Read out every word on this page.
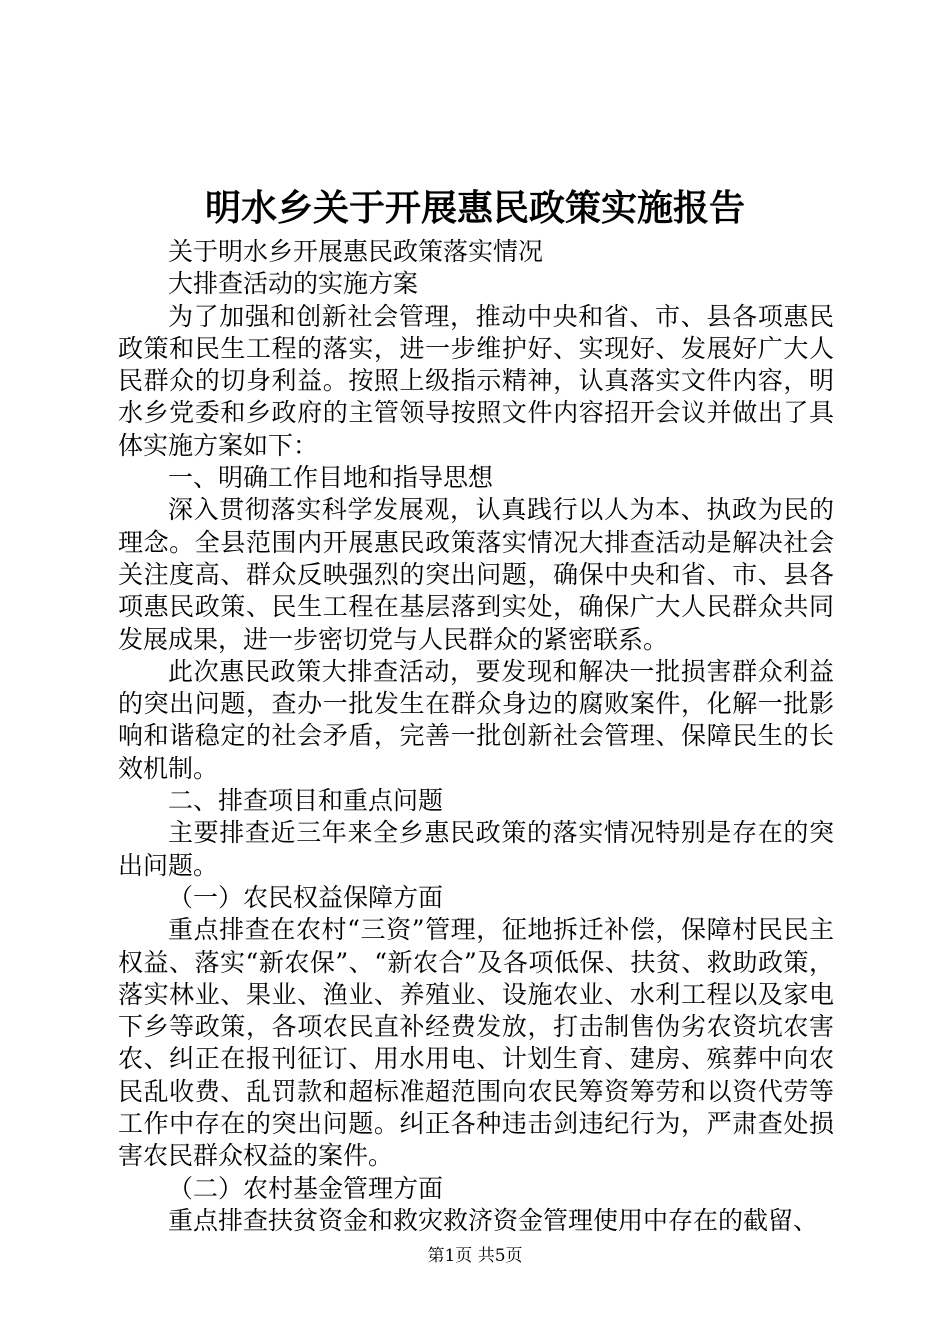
明水乡关于开展惠民政策实施报告

关于明水乡开展惠民政策落实情况

大排查活动的实施方案

为了加强和创新社会管理，推动中央和省、市、县各项惠民政策和民生工程的落实，进一步维护好、实现好、发展好广大人民群众的切身利益。按照上级指示精神，认真落实文件内容，明水乡党委和乡政府的主管领导按照文件内容招开会议并做出了具体实施方案如下：

一、明确工作目地和指导思想

深入贯彻落实科学发展观，认真践行以人为本、执政为民的理念。全县范围内开展惠民政策落实情况大排查活动是解决社会关注度高、群众反映强烈的突出问题，确保中央和省、市、县各项惠民政策、民生工程在基层落到实处，确保广大人民群众共同发展成果，进一步密切党与人民群众的紧密联系。

此次惠民政策大排查活动，要发现和解决一批损害群众利益的突出问题，查办一批发生在群众身边的腐败案件，化解一批影响和谐稳定的社会矛盾，完善一批创新社会管理、保障民生的长效机制。

二、排查项目和重点问题

主要排查近三年来全乡惠民政策的落实情况特别是存在的突出问题。

（一）农民权益保障方面

重点排查在农村“三资”管理，征地拆迁补偿，保障村民民主权益、落实“新农保”、“新农合”及各项低保、扶贫、救助政策，落实林业、果业、渔业、养殖业、设施农业、水利工程以及家电下乡等政策，各项农民直补经费发放，打击制售伪劣农资坑农害农、纠正在报刊征订、用水用电、计划生育、建房、殡葬中向农民乱收费、乱罚款和超标准超范围向农民筹资筹劳和以资代劳等工作中存在的突出问题。纠正各种违击剑违纪行为，严肃查处损害农民群众权益的案件。

（二）农村基金管理方面

重点排查扶贫资金和救灾救济资金管理使用中存在的截留、

第1页 共5页
